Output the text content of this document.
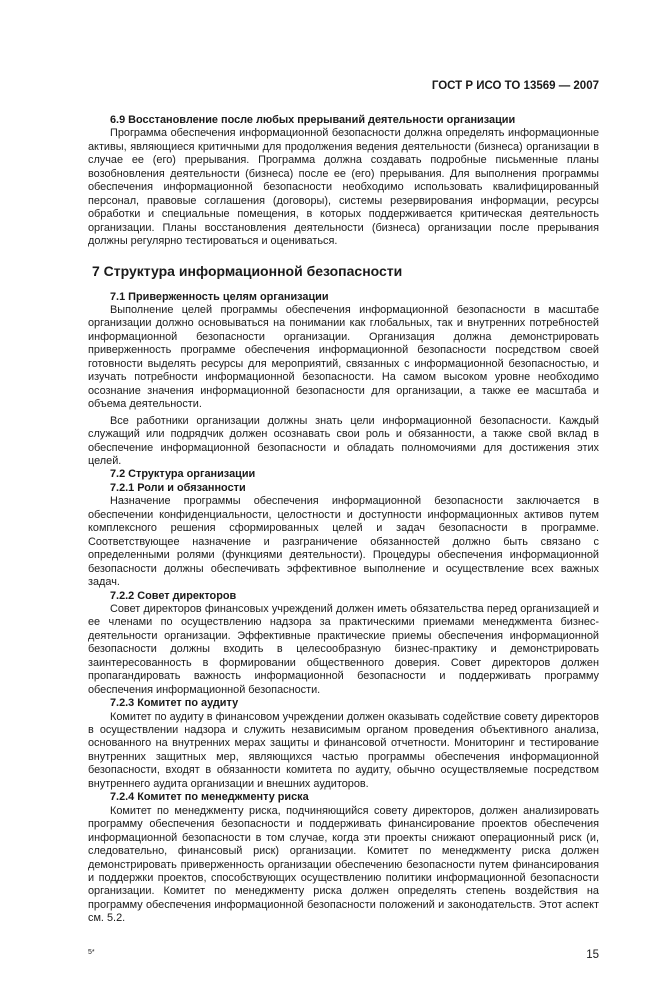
ГОСТ Р ИСО ТО 13569 — 2007
6.9 Восстановление после любых прерываний деятельности организации

Программа обеспечения информационной безопасности должна определять информационные активы, являющиеся критичными для продолжения ведения деятельности (бизнеса) организации в случае ее (его) прерывания. Программа должна создавать подробные письменные планы возобновления деятельности (бизнеса) после ее (его) прерывания. Для выполнения программы обеспечения информационной безопасности необходимо использовать квалифицированный персонал, правовые соглашения (договоры), системы резервирования информации, ресурсы обработки и специальные помещения, в которых поддерживается критическая деятельность организации. Планы восстановления деятельности (бизнеса) организации после прерывания должны регулярно тестироваться и оцениваться.

7 Структура информационной безопасности
7.1 Приверженность целям организации

Выполнение целей программы обеспечения информационной безопасности в масштабе организации должно основываться на понимании как глобальных, так и внутренних потребностей информационной безопасности организации. Организация должна демонстрировать приверженность программе обеспечения информационной безопасности посредством своей готовности выделять ресурсы для мероприятий, связанных с информационной безопасностью, и изучать потребности информационной безопасности. На самом высоком уровне необходимо осознание значения информационной безопасности для организации, а также ее масштаба и объема деятельности.

Все работники организации должны знать цели информационной безопасности. Каждый служащий или подрядчик должен осознавать свои роль и обязанности, а также свой вклад в обеспечение информационной безопасности и обладать полномочиями для достижения этих целей.

7.2 Структура организации
7.2.1 Роли и обязанности

Назначение программы обеспечения информационной безопасности заключается в обеспечении конфиденциальности, целостности и доступности информационных активов путем комплексного решения сформированных целей и задач безопасности в программе. Соответствующее назначение и разграничение обязанностей должно быть связано с определенными ролями (функциями деятельности). Процедуры обеспечения информационной безопасности должны обеспечивать эффективное выполнение и осуществление всех важных задач.

7.2.2 Совет директоров

Совет директоров финансовых учреждений должен иметь обязательства перед организацией и ее членами по осуществлению надзора за практическими приемами менеджмента бизнес-деятельности организации. Эффективные практические приемы обеспечения информационной безопасности должны входить в целесообразную бизнес-практику и демонстрировать заинтересованность в формировании общественного доверия. Совет директоров должен пропагандировать важность информационной безопасности и поддерживать программу обеспечения информационной безопасности.

7.2.3 Комитет по аудиту

Комитет по аудиту в финансовом учреждении должен оказывать содействие совету директоров в осуществлении надзора и служить независимым органом проведения объективного анализа, основанного на внутренних мерах защиты и финансовой отчетности. Мониторинг и тестирование внутренних защитных мер, являющихся частью программы обеспечения информационной безопасности, входят в обязанности комитета по аудиту, обычно осуществляемые посредством внутреннего аудита организации и внешних аудиторов.

7.2.4 Комитет по менеджменту риска

Комитет по менеджменту риска, подчиняющийся совету директоров, должен анализировать программу обеспечения безопасности и поддерживать финансирование проектов обеспечения информационной безопасности в том случае, когда эти проекты снижают операционный риск (и, следовательно, финансовый риск) организации. Комитет по менеджменту риска должен демонстрировать приверженность организации обеспечению безопасности путем финансирования и поддержки проектов, способствующих осуществлению политики информационной безопасности организации. Комитет по менеджменту риска должен определять степень воздействия на программу обеспечения информационной безопасности положений и законодательств. Этот аспект см. 5.2.

5*	15
